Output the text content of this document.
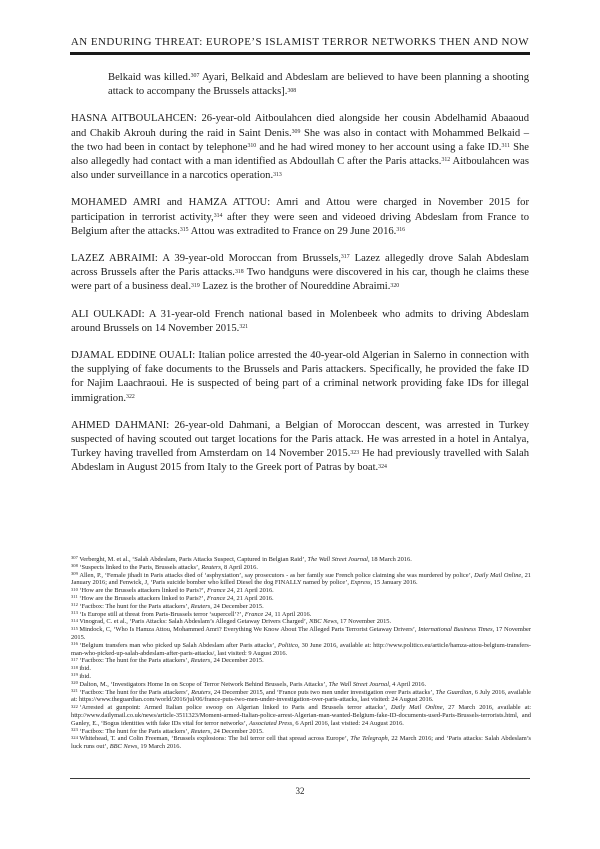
AN ENDURING THREAT: EUROPE’S ISLAMIST TERROR NETWORKS THEN AND NOW

Belkaid was killed.$^{307}$ Ayari, Belkaid and Abdeslam are believed to have been planning a shooting attack to accompany the Brussels attacks].$^{308}$

HASNA AITBOULAHCEN: 26-year-old Aitboulahcen died alongside her cousin Abdelhamid Abaaoud and Chakib Akrouh during the raid in Saint Denis.$^{309}$ She was also in contact with Mohammed Belkaid – the two had been in contact by telephone$^{310}$ and he had wired money to her account using a fake ID.$^{311}$ She also allegedly had contact with a man identified as Abdoullah C after the Paris attacks.$^{312}$ Aitboulahcen was also under surveillance in a narcotics operation.$^{313}$

MOHAMED AMRI and HAMZA ATTOU: Amri and Attou were charged in November 2015 for participation in terrorist activity,$^{314}$ after they were seen and videoed driving Abdeslam from France to Belgium after the attacks.$^{315}$ Attou was extradited to France on 29 June 2016.$^{316}$

LAZEZ ABRAIMI: A 39-year-old Moroccan from Brussels,$^{317}$ Lazez allegedly drove Salah Abdeslam across Brussels after the Paris attacks.$^{318}$ Two handguns were discovered in his car, though he claims these were part of a business deal.$^{319}$ Lazez is the brother of Noureddine Abraimi.$^{320}$

ALI OULKADI: A 31-year-old French national based in Molenbeek who admits to driving Abdeslam around Brussels on 14 November 2015.$^{321}$

DJAMAL EDDINE OUALI: Italian police arrested the 40-year-old Algerian in Salerno in connection with the supplying of fake documents to the Brussels and Paris attackers. Specifically, he provided the fake ID for Najim Laachraoui. He is suspected of being part of a criminal network providing fake IDs for illegal immigration.$^{322}$

AHMED DAHMANI: 26-year-old Dahmani, a Belgian of Moroccan descent, was arrested in Turkey suspected of having scouted out target locations for the Paris attack. He was arrested in a hotel in Antalya, Turkey having travelled from Amsterdam on 14 November 2015.$^{323}$ He had previously travelled with Salah Abdeslam in August 2015 from Italy to the Greek port of Patras by boat.$^{324}$

$^{307}$ Verberght, M. et al., ‘Salah Abdeslam, Paris Attacks Suspect, Captured in Belgian Raid’, The Wall Street Journal, 18 March 2016.
$^{308}$ ‘Suspects linked to the Paris, Brussels attacks’, Reuters, 8 April 2016.
$^{309}$ Allen, P., ‘Female jihadi in Paris attacks died of ‘asphyxiation’, say prosecutors - as her family sue French police claiming she was murdered by police’, Daily Mail Online, 21 January 2016; and Fenwick, J, ‘Paris suicide bomber who killed Diesel the dog FINALLY named by police’, Express, 15 January 2016.
$^{310}$ ‘How are the Brussels attackers linked to Paris?’, France 24, 21 April 2016.
$^{311}$ ‘How are the Brussels attackers linked to Paris?’, France 24, 21 April 2016.
$^{312}$ ‘Factbox: The hunt for the Paris attackers’, Reuters, 24 December 2015.
$^{313}$ ‘Is Europe still at threat from Paris-Brussels terror ‘supercell’?’, France 24, 11 April 2016.
$^{314}$ Vinograd, C. et al., ‘Paris Attacks: Salah Abdeslam’s Alleged Getaway Drivers Charged’, NBC News, 17 November 2015.
$^{315}$ Mindock, C, ‘Who Is Hamza Attou, Mohammed Amri? Everything We Know About The Alleged Paris Terrorist Getaway Drivers’, International Business Times, 17 November 2015.
$^{316}$ ‘Belgium transfers man who picked up Salah Abdeslam after Paris attacks’, Politico, 30 June 2016, available at: http://www.politico.eu/article/hamza-attou-belgium-transfers-man-who-picked-up-salah-abdeslam-after-paris-attacks/, last visited: 9 August 2016.
$^{317}$ ‘Factbox: The hunt for the Paris attackers’, Reuters, 24 December 2015.
$^{318}$ ibid.
$^{319}$ ibid.
$^{320}$ Dalton, M., ‘Investigators Home In on Scope of Terror Network Behind Brussels, Paris Attacks’, The Wall Street Journal, 4 April 2016.
$^{321}$ ‘Factbox: The hunt for the Paris attackers’, Reuters, 24 December 2015, and ‘France puts two men under investigation over Paris attacks’, The Guardian, 6 July 2016, available at: https://www.theguardian.com/world/2016/jul/06/france-puts-two-men-under-investigation-over-paris-attacks, last visited: 24 August 2016.
$^{322}$ ‘Arrested at gunpoint: Armed Italian police swoop on Algerian linked to Paris and Brussels terror attacks’, Daily Mail Online, 27 March 2016, available at: http://www.dailymail.co.uk/news/article-3511323/Moment-armed-Italian-police-arrest-Algerian-man-wanted-Belgium-fake-ID-documents-used-Paris-Brussels-terrorists.html, and Ganley, E., ‘Bogus identities with fake IDs vital for terror networks’, Associated Press, 6 April 2016, last visited: 24 August 2016.
$^{323}$ ‘Factbox: The hunt for the Paris attackers’, Reuters, 24 December 2015.
$^{324}$ Whitehead, T. and Colin Freeman, ‘Brussels explosions: The Isil terror cell that spread across Europe’, The Telegraph, 22 March 2016; and ‘Paris attacks: Salah Abdeslam’s luck runs out’, BBC News, 19 March 2016.
32
